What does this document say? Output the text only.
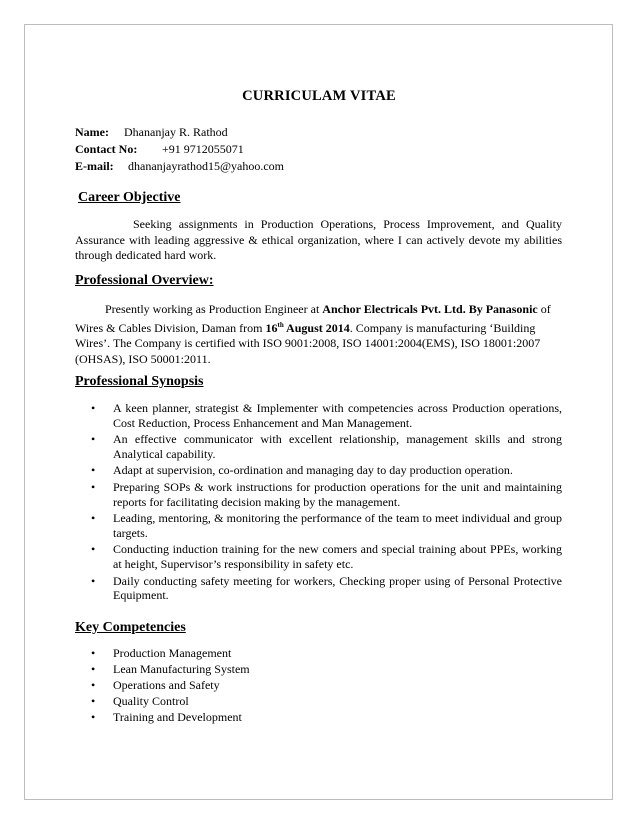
CURRICULAM VITAE
Name: Dhananjay R. Rathod
Contact No: +91 9712055071
E-mail: dhananjayrathod15@yahoo.com
Career Objective
Seeking assignments in Production Operations, Process Improvement, and Quality Assurance with leading aggressive & ethical organization, where I can actively devote my abilities through dedicated hard work.
Professional Overview:
Presently working as Production Engineer at Anchor Electricals Pvt. Ltd. By Panasonic of Wires & Cables Division, Daman from 16th August 2014. Company is manufacturing ‘Building Wires’. The Company is certified with ISO 9001:2008, ISO 14001:2004(EMS), ISO 18001:2007 (OHSAS), ISO 50001:2011.
Professional Synopsis
• A keen planner, strategist & Implementer with competencies across Production operations, Cost Reduction, Process Enhancement and Man Management.
• An effective communicator with excellent relationship, management skills and strong Analytical capability.
• Adapt at supervision, co-ordination and managing day to day production operation.
• Preparing SOPs & work instructions for production operations for the unit and maintaining reports for facilitating decision making by the management.
• Leading, mentoring, & monitoring the performance of the team to meet individual and group targets.
• Conducting induction training for the new comers and special training about PPEs, working at height, Supervisor’s responsibility in safety etc.
• Daily conducting safety meeting for workers, Checking proper using of Personal Protective Equipment.
Key Competencies
• Production Management
• Lean Manufacturing System
• Operations and Safety
• Quality Control
• Training and Development
